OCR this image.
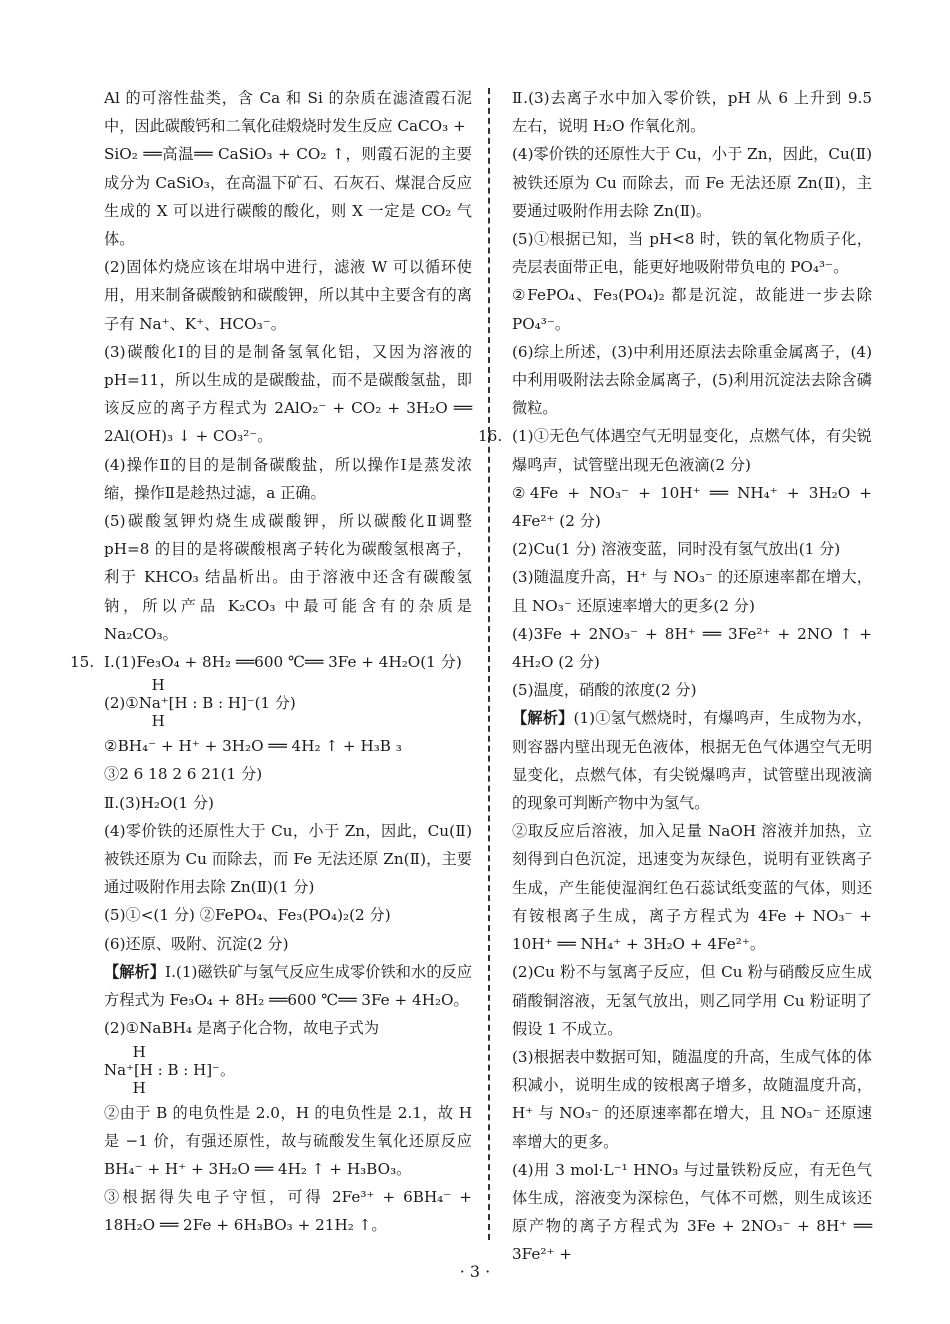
Al 的可溶性盐类，含 Ca 和 Si 的杂质在滤渣霞石泥中，因此碳酸钙和二氧化硅煅烧时发生反应 CaCO₃ +

SiO₂ ══高温══ CaSiO₃ + CO₂ ↑，则霞石泥的主要成分为 CaSiO₃，在高温下矿石、石灰石、煤混合反应生成的 X 可以进行碳酸的酸化，则 X 一定是 CO₂ 气体。

(2)固体灼烧应该在坩埚中进行，滤液 W 可以循环使用，用来制备碳酸钠和碳酸钾，所以其中主要含有的离子有 Na⁺、K⁺、HCO₃⁻。

(3)碳酸化Ⅰ的目的是制备氢氧化铝，又因为溶液的 pH=11，所以生成的是碳酸盐，而不是碳酸氢盐，即该反应的离子方程式为 2AlO₂⁻ + CO₂ + 3H₂O ══ 2Al(OH)₃ ↓ + CO₃²⁻。

(4)操作Ⅱ的目的是制备碳酸盐，所以操作Ⅰ是蒸发浓缩，操作Ⅱ是趁热过滤，a 正确。

(5)碳酸氢钾灼烧生成碳酸钾，所以碳酸化Ⅱ调整 pH=8 的目的是将碳酸根离子转化为碳酸氢根离子，利于 KHCO₃ 结晶析出。由于溶液中还含有碳酸氢钠，所以产品 K₂CO₃ 中最可能含有的杂质是 Na₂CO₃。

15. Ⅰ.(1)Fe₃O₄ + 8H₂ ══600 ℃══ 3Fe + 4H₂O(1 分)

H
(2)①Na⁺[H : B : H]⁻(1 分)
H

②BH₄⁻ + H⁺ + 3H₂O ══ 4H₂ ↑ + H₃B ₃

③2 6 18 2 6 21(1 分)

Ⅱ.(3)H₂O(1 分)

(4)零价铁的还原性大于 Cu，小于 Zn，因此，Cu(Ⅱ)被铁还原为 Cu 而除去，而 Fe 无法还原 Zn(Ⅱ)，主要通过吸附作用去除 Zn(Ⅱ)(1 分)

(5)①<(1 分) ②FePO₄、Fe₃(PO₄)₂(2 分)

(6)还原、吸附、沉淀(2 分)

【解析】Ⅰ.(1)磁铁矿与氢气反应生成零价铁和水的反应方程式为 Fe₃O₄ + 8H₂ ══600 ℃══ 3Fe + 4H₂O。

(2)①NaBH₄ 是离子化合物，故电子式为

H
Na⁺[H : B : H]⁻。
H

②由于 B 的电负性是 2.0，H 的电负性是 2.1，故 H 是 −1 价，有强还原性，故与硫酸发生氧化还原反应 BH₄⁻ + H⁺ + 3H₂O ══ 4H₂ ↑ + H₃BO₃。

③根据得失电子守恒，可得 2Fe³⁺ + 6BH₄⁻ + 18H₂O ══ 2Fe + 6H₃BO₃ + 21H₂ ↑。

Ⅱ.(3)去离子水中加入零价铁，pH 从 6 上升到 9.5 左右，说明 H₂O 作氧化剂。

(4)零价铁的还原性大于 Cu，小于 Zn，因此，Cu(Ⅱ)被铁还原为 Cu 而除去，而 Fe 无法还原 Zn(Ⅱ)，主要通过吸附作用去除 Zn(Ⅱ)。

(5)①根据已知，当 pH<8 时，铁的氧化物质子化，壳层表面带正电，能更好地吸附带负电的 PO₄³⁻。

②FePO₄、Fe₃(PO₄)₂ 都是沉淀，故能进一步去除 PO₄³⁻。

(6)综上所述，(3)中利用还原法去除重金属离子，(4)中利用吸附法去除金属离子，(5)利用沉淀法去除含磷微粒。

16. (1)①无色气体遇空气无明显变化，点燃气体，有尖锐爆鸣声，试管壁出现无色液滴(2 分)

②4Fe + NO₃⁻ + 10H⁺ ══ NH₄⁺ + 3H₂O + 4Fe²⁺ (2 分)

(2)Cu(1 分) 溶液变蓝，同时没有氢气放出(1 分)

(3)随温度升高，H⁺ 与 NO₃⁻ 的还原速率都在增大，且 NO₃⁻ 还原速率增大的更多(2 分)

(4)3Fe + 2NO₃⁻ + 8H⁺ ══ 3Fe²⁺ + 2NO ↑ + 4H₂O (2 分)

(5)温度，硝酸的浓度(2 分)

【解析】(1)①氢气燃烧时，有爆鸣声，生成物为水，则容器内壁出现无色液体，根据无色气体遇空气无明显变化，点燃气体，有尖锐爆鸣声，试管壁出现液滴的现象可判断产物中为氢气。

②取反应后溶液，加入足量 NaOH 溶液并加热，立刻得到白色沉淀，迅速变为灰绿色，说明有亚铁离子生成，产生能使湿润红色石蕊试纸变蓝的气体，则还有铵根离子生成，离子方程式为 4Fe + NO₃⁻ + 10H⁺ ══ NH₄⁺ + 3H₂O + 4Fe²⁺。

(2)Cu 粉不与氢离子反应，但 Cu 粉与硝酸反应生成硝酸铜溶液，无氢气放出，则乙同学用 Cu 粉证明了假设 1 不成立。

(3)根据表中数据可知，随温度的升高，生成气体的体积减小，说明生成的铵根离子增多，故随温度升高，H⁺ 与 NO₃⁻ 的还原速率都在增大，且 NO₃⁻ 还原速率增大的更多。

(4)用 3 mol·L⁻¹ HNO₃ 与过量铁粉反应，有无色气体生成，溶液变为深棕色，气体不可燃，则生成该还原产物的离子方程式为 3Fe + 2NO₃⁻ + 8H⁺ ══ 3Fe²⁺ +

· 3 ·
